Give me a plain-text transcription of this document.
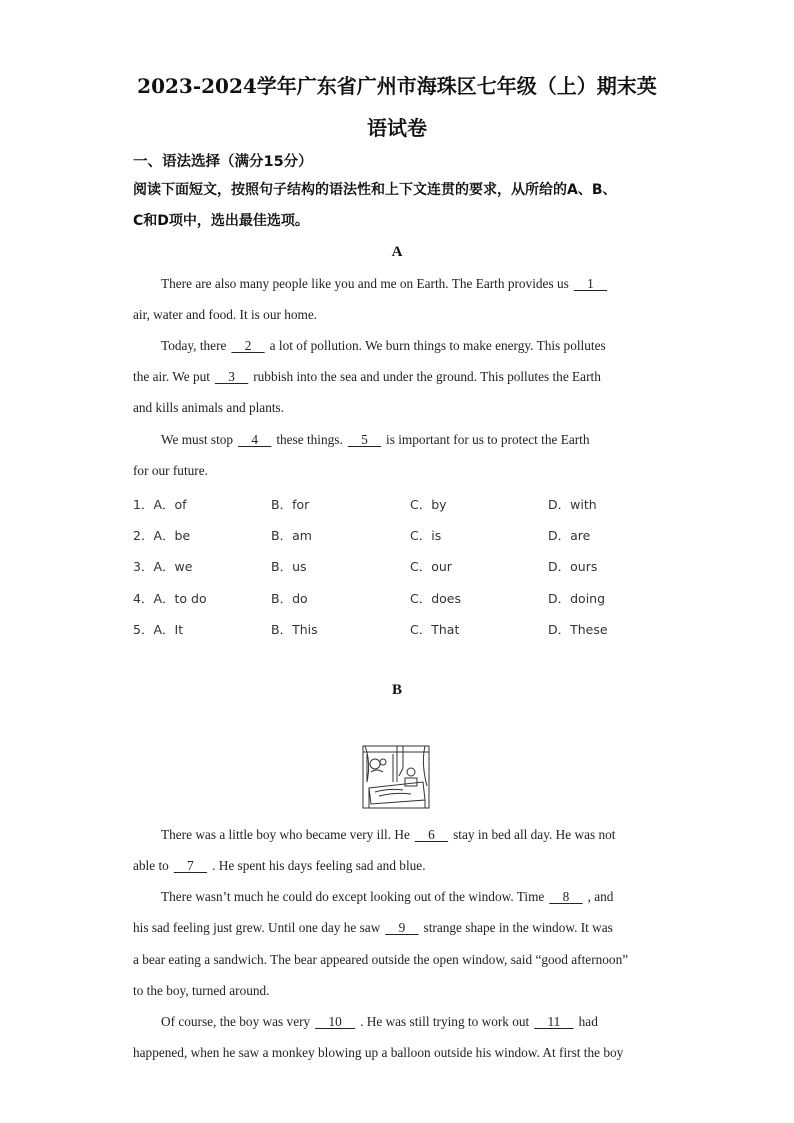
2023-2024学年广东省广州市海珠区七年级（上）期末英
语试卷
一、语法选择（满分15分）
阅读下面短文，按照句子结构的语法性和上下文连贯的要求，从所给的A、B、
C和D项中，选出最佳选项。
A
There are also many people like you and me on Earth. The Earth provides us 1
air, water and food. It is our home.
Today, there 2 a lot of pollution. We burn things to make energy. This pollutes
the air. We put 3 rubbish into the sea and under the ground. This pollutes the Earth
and kills animals and plants.
We must stop 4 these things. 5 is important for us to protect the Earth
for our future.
1．A．of	B．for	C．by	D．with
2．A．be	B．am	C．is	D．are
3．A．we	B．us	C．our	D．ours
4．A．to do	B．do	C．does	D．doing
5．A．It	B．This	C．That	D．These
B
There was a little boy who became very ill. He 6 stay in bed all day. He was not
able to 7 . He spent his days feeling sad and blue.
There wasn’t much he could do except looking out of the window. Time 8 , and
his sad feeling just grew. Until one day he saw 9 strange shape in the window. It was
a bear eating a sandwich. The bear appeared outside the open window, said “good afternoon”
to the boy, turned around.
Of course, the boy was very 10 . He was still trying to work out 11 had
happened, when he saw a monkey blowing up a balloon outside his window. At first the boy
